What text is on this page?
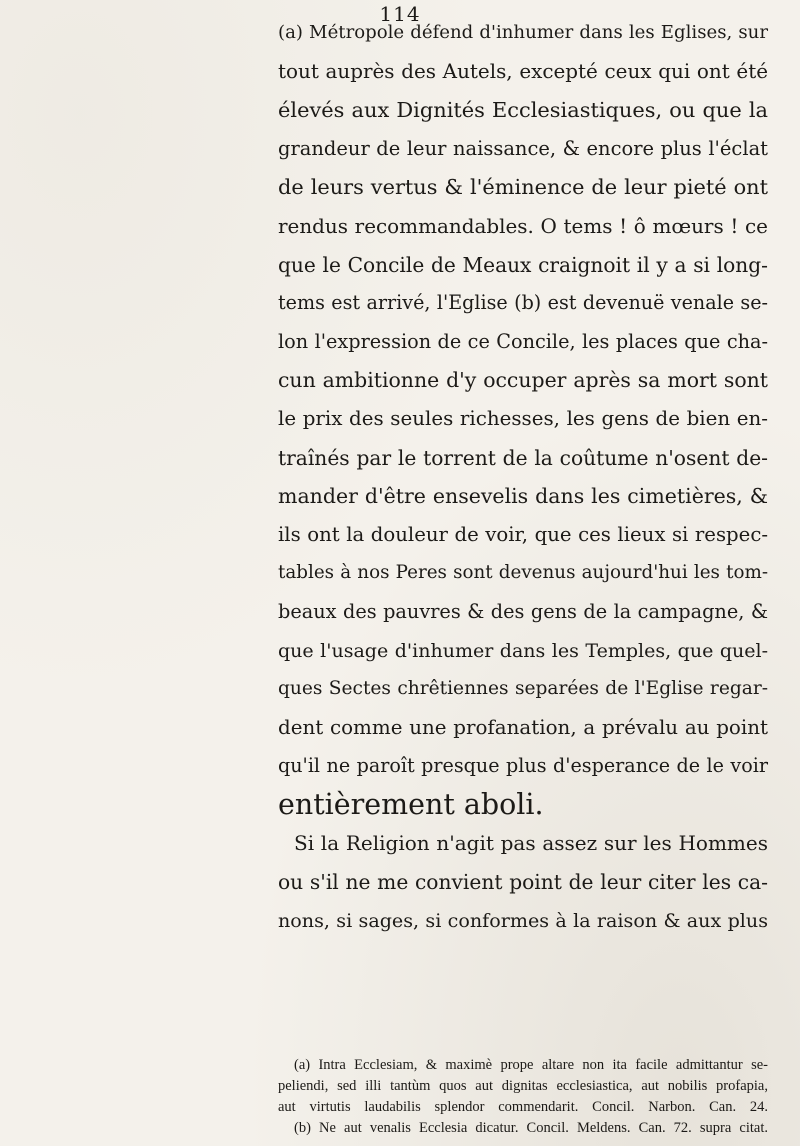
114
(a) Métropole défend d'inhumer dans les Eglises, sur
tout auprès des Autels, excepté ceux qui ont été
élevés aux Dignités Ecclesiastiques, ou que la
grandeur de leur naissance, & encore plus l'éclat
de leurs vertus & l'éminence de leur pieté ont
rendus recommandables. O tems ! ô mœurs ! ce
que le Concile de Meaux craignoit il y a si long-
tems est arrivé, l'Eglise (b) est devenuë venale se-
lon l'expression de ce Concile, les places que cha-
cun ambitionne d'y occuper après sa mort sont
le prix des seules richesses, les gens de bien en-
traînés par le torrent de la coûtume n'osent de-
mander d'être ensevelis dans les cimetières, &
ils ont la douleur de voir, que ces lieux si respec-
tables à nos Peres sont devenus aujourd'hui les tom-
beaux des pauvres & des gens de la campagne, &
que l'usage d'inhumer dans les Temples, que quel-
ques Sectes chrêtiennes separées de l'Eglise regar-
dent comme une profanation, a prévalu au point
qu'il ne paroît presque plus d'esperance de le voir
entièrement aboli.
Si la Religion n'agit pas assez sur les Hommes
ou s'il ne me convient point de leur citer les ca-
nons, si sages, si conformes à la raison & aux plus
(a) Intra Ecclesiam, & maximè prope altare non ita facile admittantur se-
peliendi, sed illi tantùm quos aut dignitas ecclesiastica, aut nobilis profapia,
aut virtutis laudabilis splendor commendarit. Concil. Narbon. Can. 24.
(b) Ne aut venalis Ecclesia dicatur. Concil. Meldens. Can. 72. supra citat.
